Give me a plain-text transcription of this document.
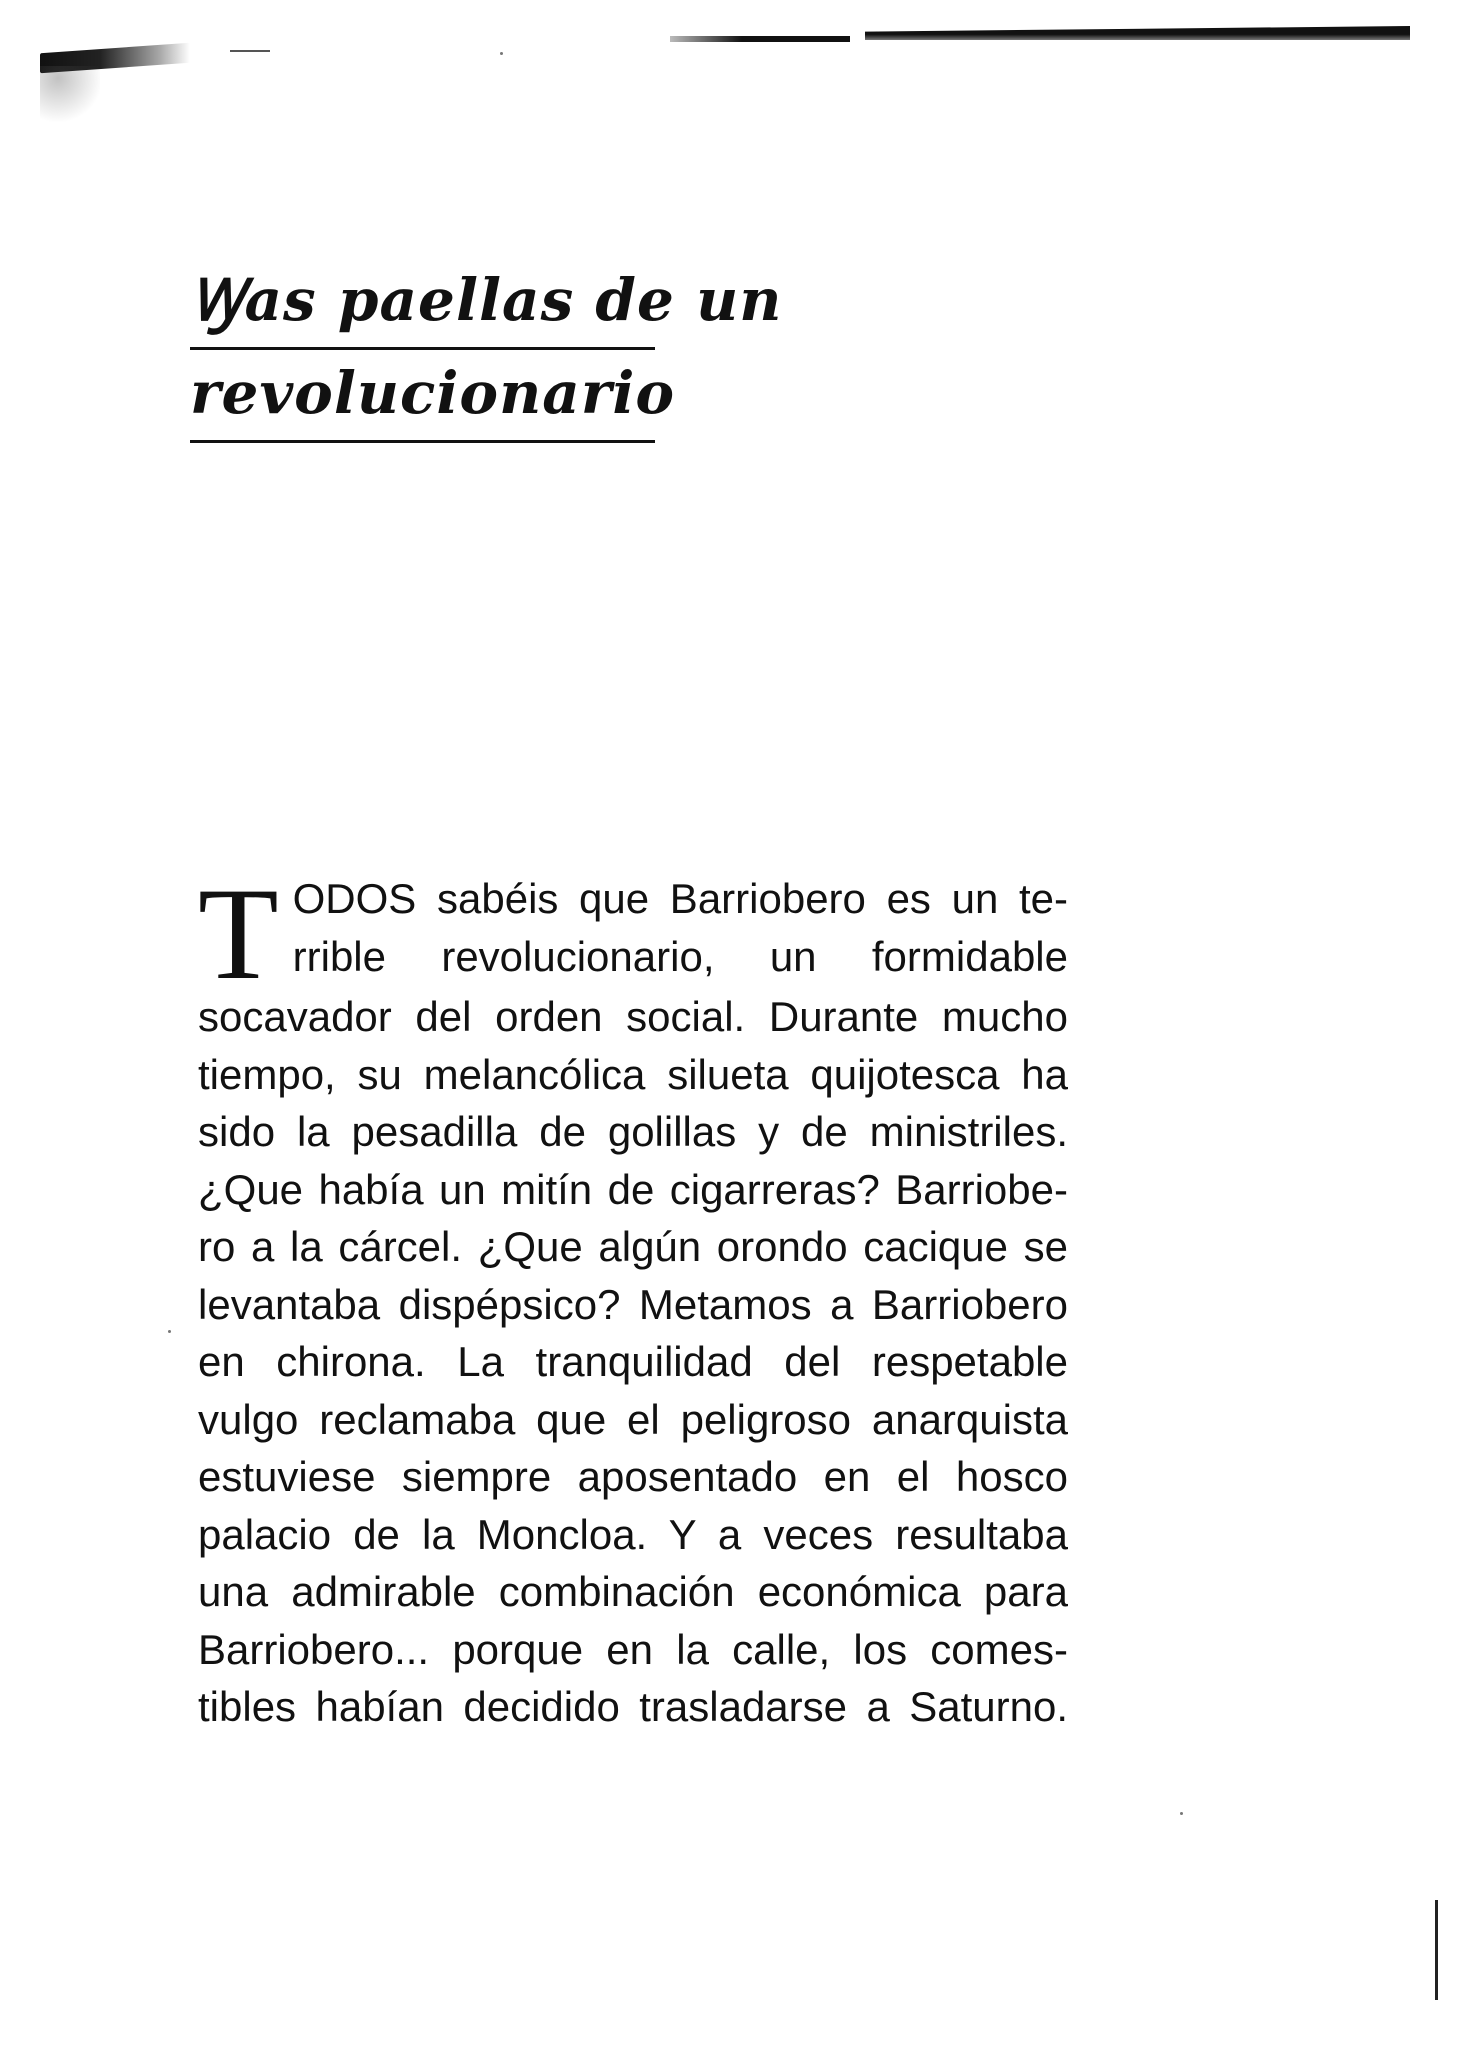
Ꝡas paellas de un
revolucionario
T ODOS sabéis que Barriobero es un te-
rrible revolucionario, un formidable
socavador del orden social. Durante mucho
tiempo, su melancólica silueta quijotesca ha
sido la pesadilla de golillas y de ministriles.
¿Que había un mitín de cigarreras? Barriobe-
ro a la cárcel. ¿Que algún orondo cacique se
levantaba dispépsico? Metamos a Barriobero
en chirona. La tranquilidad del respetable
vulgo reclamaba que el peligroso anarquista
estuviese siempre aposentado en el hosco
palacio de la Moncloa. Y a veces resultaba
una admirable combinación económica para
Barriobero... porque en la calle, los comes-
tibles habían decidido trasladarse a Saturno.
